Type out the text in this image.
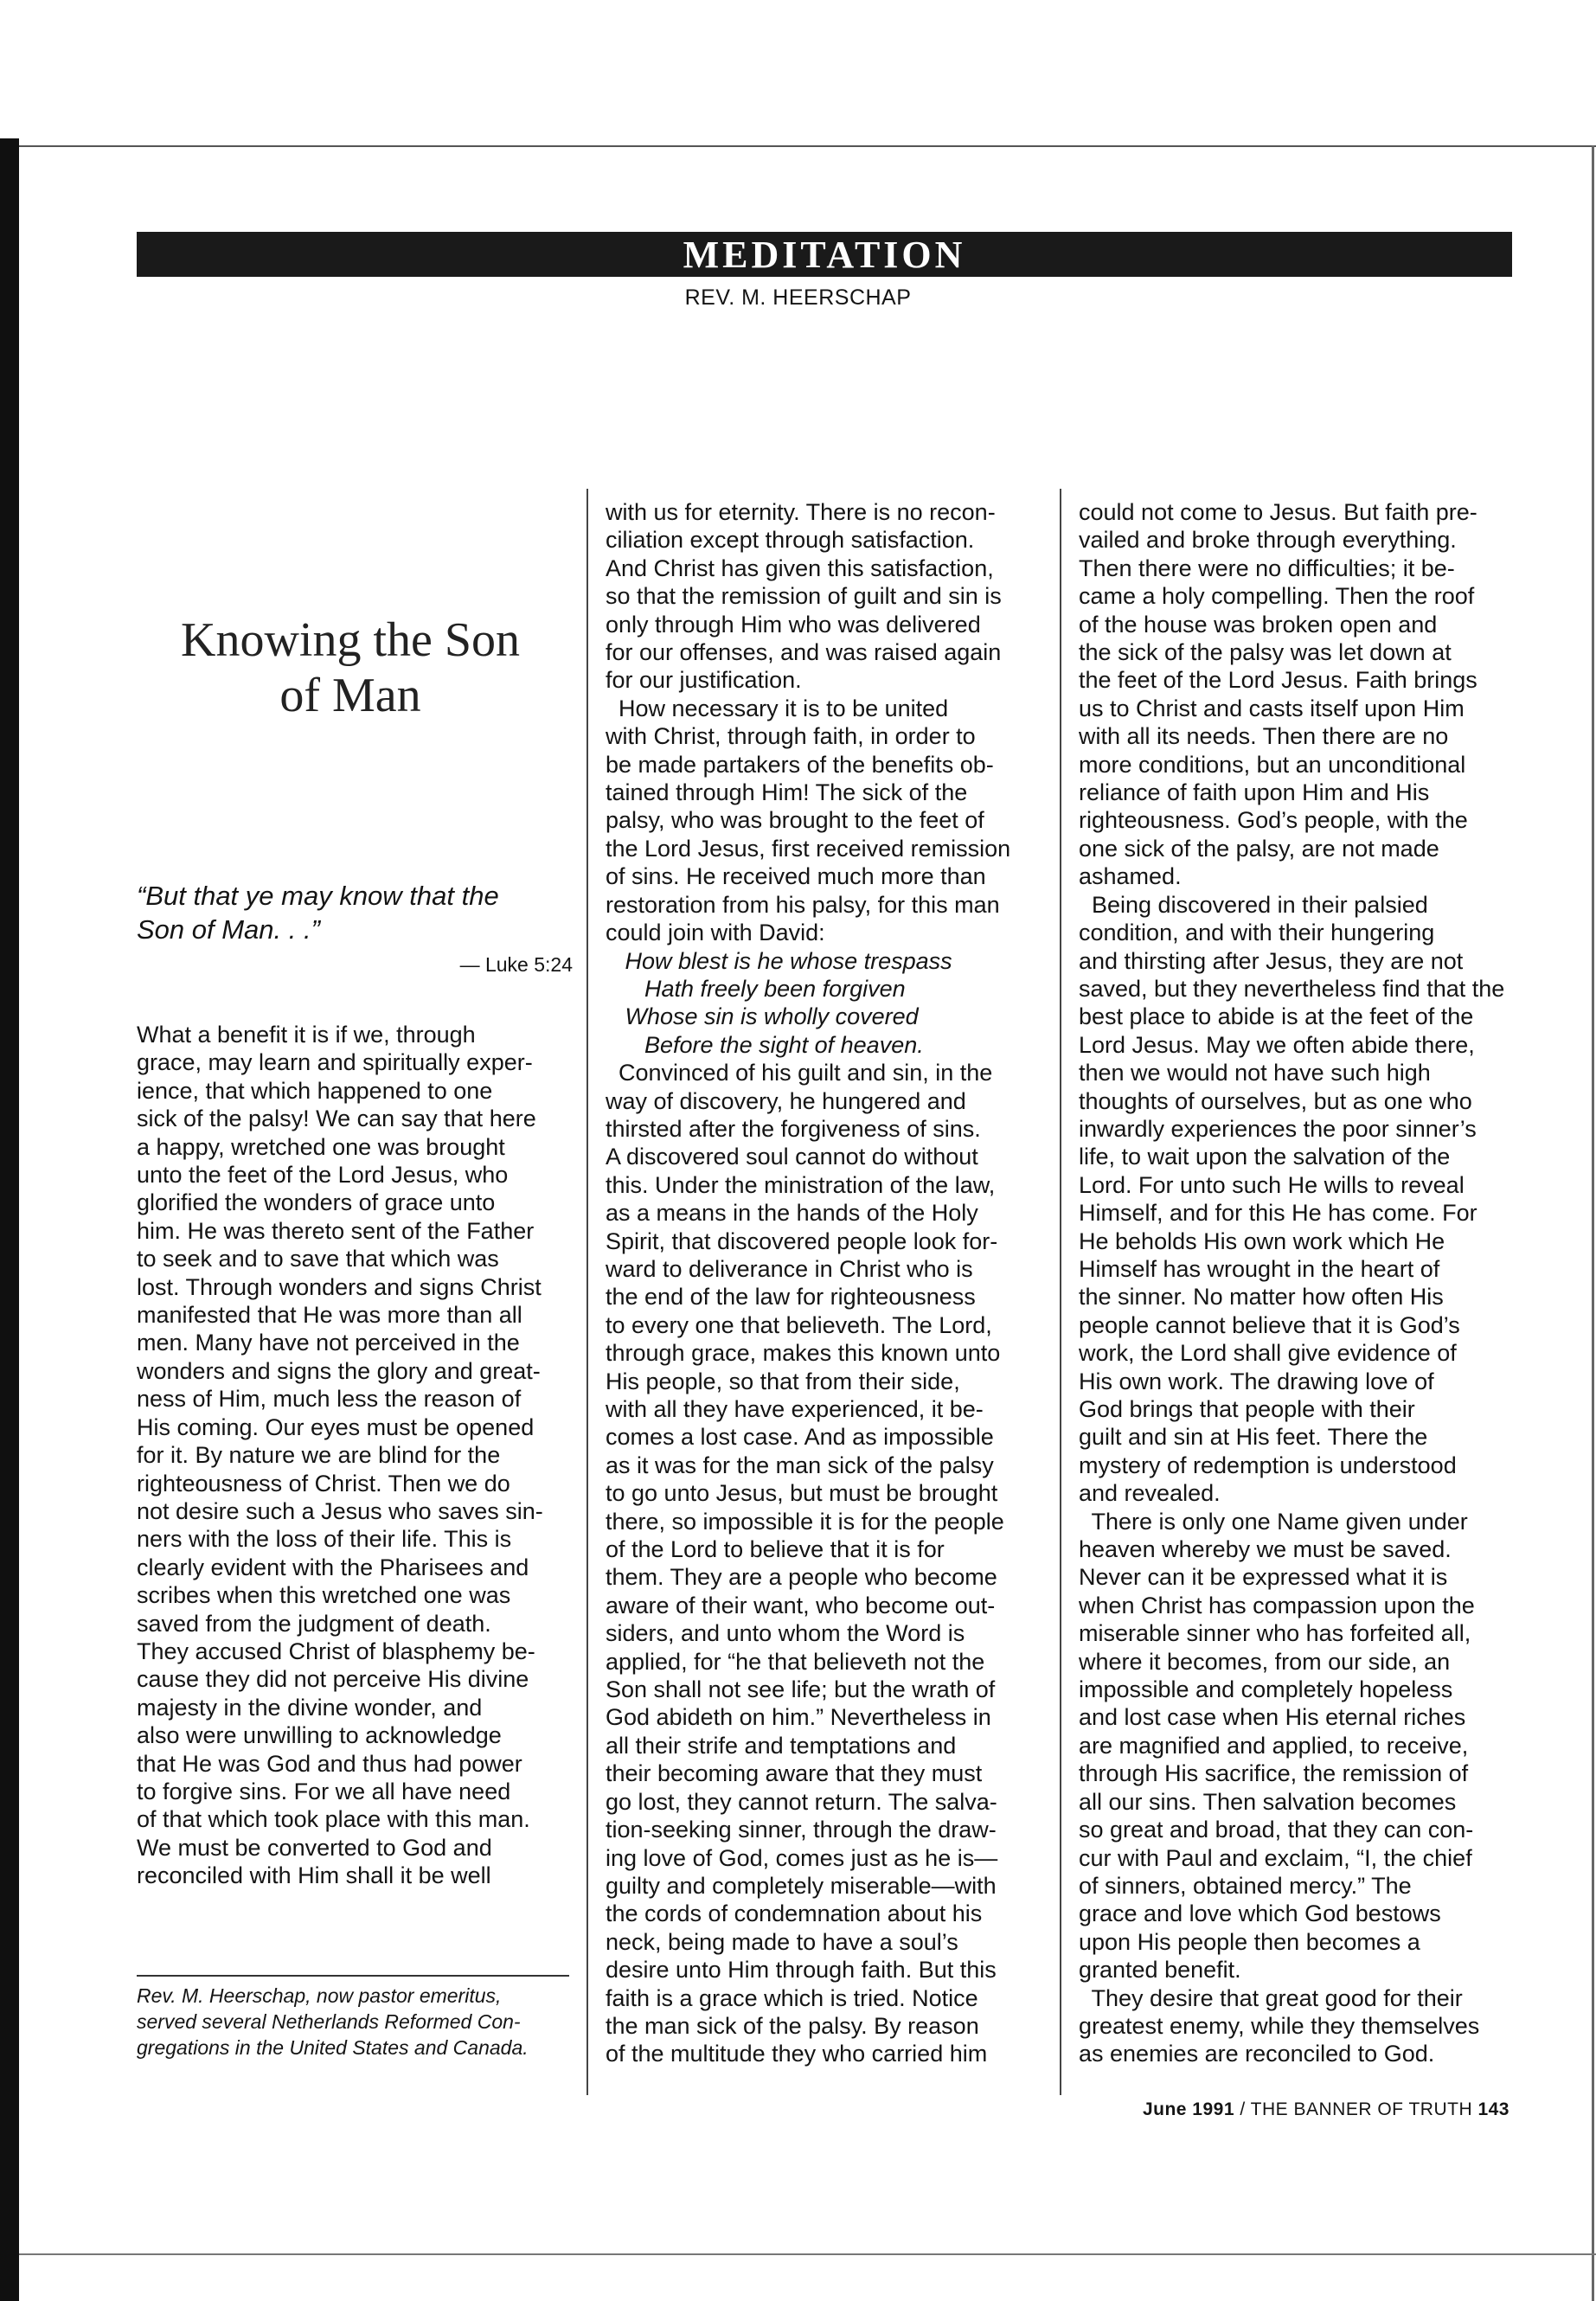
MEDITATION
REV. M. HEERSCHAP
Knowing the Son
of Man
“But that ye may know that the
Son of Man. . .”
— Luke 5:24
What a benefit it is if we, through
grace, may learn and spiritually exper-
ience, that which happened to one
sick of the palsy! We can say that here
a happy, wretched one was brought
unto the feet of the Lord Jesus, who
glorified the wonders of grace unto
him. He was thereto sent of the Father
to seek and to save that which was
lost. Through wonders and signs Christ
manifested that He was more than all
men. Many have not perceived in the
wonders and signs the glory and great-
ness of Him, much less the reason of
His coming. Our eyes must be opened
for it. By nature we are blind for the
righteousness of Christ. Then we do
not desire such a Jesus who saves sin-
ners with the loss of their life. This is
clearly evident with the Pharisees and
scribes when this wretched one was
saved from the judgment of death.
They accused Christ of blasphemy be-
cause they did not perceive His divine
majesty in the divine wonder, and
also were unwilling to acknowledge
that He was God and thus had power
to forgive sins. For we all have need
of that which took place with this man.
We must be converted to God and
reconciled with Him shall it be well
with us for eternity. There is no recon-
ciliation except through satisfaction.
And Christ has given this satisfaction,
so that the remission of guilt and sin is
only through Him who was delivered
for our offenses, and was raised again
for our justification.
How necessary it is to be united
with Christ, through faith, in order to
be made partakers of the benefits ob-
tained through Him! The sick of the
palsy, who was brought to the feet of
the Lord Jesus, first received remission
of sins. He received much more than
restoration from his palsy, for this man
could join with David:
How blest is he whose trespass
Hath freely been forgiven
Whose sin is wholly covered
Before the sight of heaven.
Convinced of his guilt and sin, in the
way of discovery, he hungered and
thirsted after the forgiveness of sins.
A discovered soul cannot do without
this. Under the ministration of the law,
as a means in the hands of the Holy
Spirit, that discovered people look for-
ward to deliverance in Christ who is
the end of the law for righteousness
to every one that believeth. The Lord,
through grace, makes this known unto
His people, so that from their side,
with all they have experienced, it be-
comes a lost case. And as impossible
as it was for the man sick of the palsy
to go unto Jesus, but must be brought
there, so impossible it is for the people
of the Lord to believe that it is for
them. They are a people who become
aware of their want, who become out-
siders, and unto whom the Word is
applied, for “he that believeth not the
Son shall not see life; but the wrath of
God abideth on him.” Nevertheless in
all their strife and temptations and
their becoming aware that they must
go lost, they cannot return. The salva-
tion-seeking sinner, through the draw-
ing love of God, comes just as he is—
guilty and completely miserable—with
the cords of condemnation about his
neck, being made to have a soul’s
desire unto Him through faith. But this
faith is a grace which is tried. Notice
the man sick of the palsy. By reason
of the multitude they who carried him
could not come to Jesus. But faith pre-
vailed and broke through everything.
Then there were no difficulties; it be-
came a holy compelling. Then the roof
of the house was broken open and
the sick of the palsy was let down at
the feet of the Lord Jesus. Faith brings
us to Christ and casts itself upon Him
with all its needs. Then there are no
more conditions, but an unconditional
reliance of faith upon Him and His
righteousness. God’s people, with the
one sick of the palsy, are not made
ashamed.
Being discovered in their palsied
condition, and with their hungering
and thirsting after Jesus, they are not
saved, but they nevertheless find that the
best place to abide is at the feet of the
Lord Jesus. May we often abide there,
then we would not have such high
thoughts of ourselves, but as one who
inwardly experiences the poor sinner’s
life, to wait upon the salvation of the
Lord. For unto such He wills to reveal
Himself, and for this He has come. For
He beholds His own work which He
Himself has wrought in the heart of
the sinner. No matter how often His
people cannot believe that it is God’s
work, the Lord shall give evidence of
His own work. The drawing love of
God brings that people with their
guilt and sin at His feet. There the
mystery of redemption is understood
and revealed.
There is only one Name given under
heaven whereby we must be saved.
Never can it be expressed what it is
when Christ has compassion upon the
miserable sinner who has forfeited all,
where it becomes, from our side, an
impossible and completely hopeless
and lost case when His eternal riches
are magnified and applied, to receive,
through His sacrifice, the remission of
all our sins. Then salvation becomes
so great and broad, that they can con-
cur with Paul and exclaim, “I, the chief
of sinners, obtained mercy.” The
grace and love which God bestows
upon His people then becomes a
granted benefit.
They desire that great good for their
greatest enemy, while they themselves
as enemies are reconciled to God.
Rev. M. Heerschap, now pastor emeritus,
served several Netherlands Reformed Con-
gregations in the United States and Canada.
June 1991 / THE BANNER OF TRUTH 143
